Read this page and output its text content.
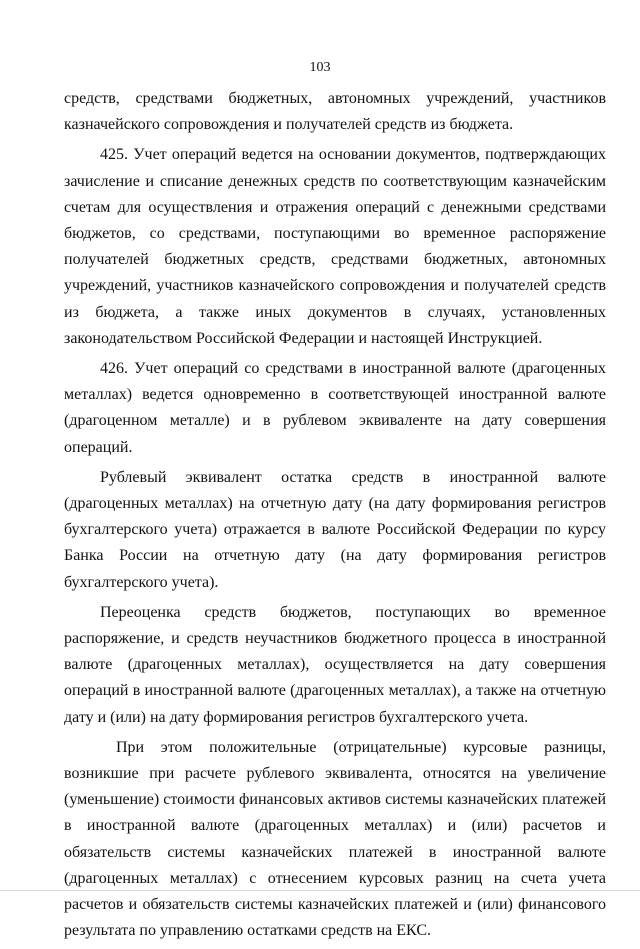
103

средств, средствами бюджетных, автономных учреждений, участников казначейского сопровождения и получателей средств из бюджета.

425. Учет операций ведется на основании документов, подтверждающих зачисление и списание денежных средств по соответствующим казначейским счетам для осуществления и отражения операций с денежными средствами бюджетов, со средствами, поступающими во временное распоряжение получателей бюджетных средств, средствами бюджетных, автономных учреждений, участников казначейского сопровождения и получателей средств из бюджета, а также иных документов в случаях, установленных законодательством Российской Федерации и настоящей Инструкцией.

426. Учет операций со средствами в иностранной валюте (драгоценных металлах) ведется одновременно в соответствующей иностранной валюте (драгоценном металле) и в рублевом эквиваленте на дату совершения операций.

Рублевый эквивалент остатка средств в иностранной валюте (драгоценных металлах) на отчетную дату (на дату формирования регистров бухгалтерского учета) отражается в валюте Российской Федерации по курсу Банка России на отчетную дату (на дату формирования регистров бухгалтерского учета).

Переоценка средств бюджетов, поступающих во временное распоряжение, и средств неучастников бюджетного процесса в иностранной валюте (драгоценных металлах), осуществляется на дату совершения операций в иностранной валюте (драгоценных металлах), а также на отчетную дату и (или) на дату формирования регистров бухгалтерского учета.

При этом положительные (отрицательные) курсовые разницы, возникшие при расчете рублевого эквивалента, относятся на увеличение (уменьшение) стоимости финансовых активов системы казначейских платежей в иностранной валюте (драгоценных металлах) и (или) расчетов и обязательств системы казначейских платежей в иностранной валюте (драгоценных металлах) с отнесением курсовых разниц на счета учета расчетов и обязательств системы казначейских платежей и (или) финансового результата по управлению остатками средств на ЕКС.
